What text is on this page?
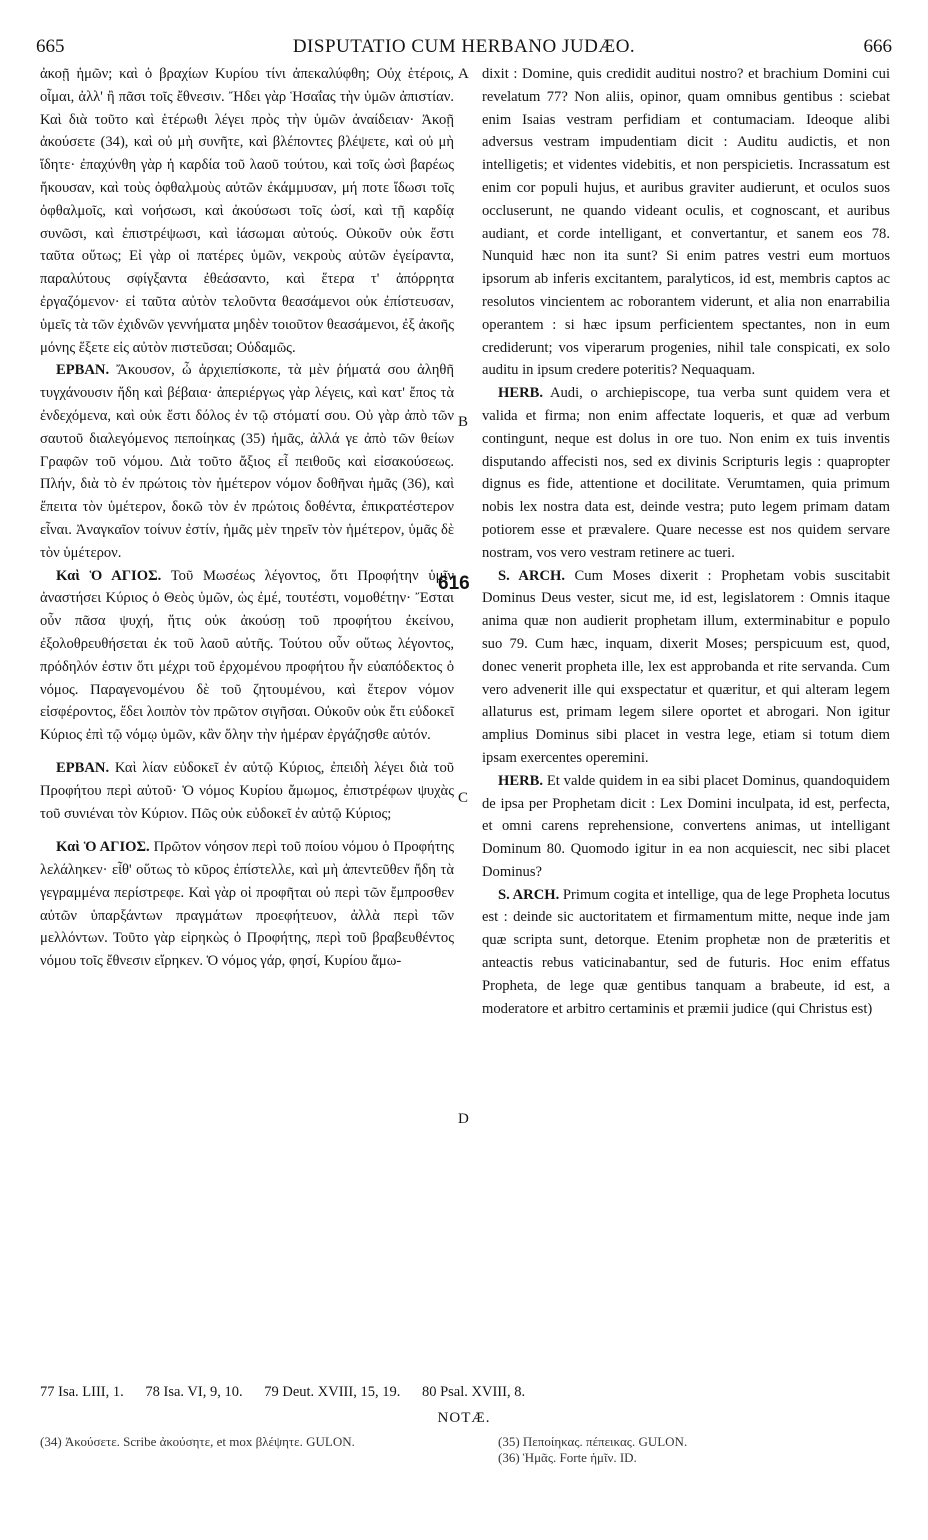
665	DISPUTATIO CUM HERBANO JUDÆO.	666
A
B
C
D
616

ἀκοῇ ἡμῶν; καὶ ὁ βραχίων Κυρίου τίνι ἀπεκαλύφθη; Οὐχ ἑτέροις, οἶμαι, ἀλλ' ἢ πᾶσι τοῖς ἔθνεσιν. Ἤδει γὰρ Ἡσαΐας τὴν ὑμῶν ἀπιστίαν. Καὶ διὰ τοῦτο καὶ ἑτέρωθι λέγει πρὸς τὴν ὑμῶν ἀναίδειαν· Ἀκοῇ ἀκούσετε (34), καὶ οὐ μὴ συνῆτε, καὶ βλέποντες βλέψετε, καὶ οὐ μὴ ἴδητε· ἐπαχύνθη γὰρ ἡ καρδία τοῦ λαοῦ τούτου, καὶ τοῖς ὠσὶ βαρέως ἤκουσαν, καὶ τοὺς ὀφθαλμοὺς αὐτῶν ἐκάμμυσαν, μή ποτε ἴδωσι τοῖς ὀφθαλμοῖς, καὶ νοήσωσι, καὶ ἀκούσωσι τοῖς ὠσί, καὶ τῇ καρδίᾳ συνῶσι, καὶ ἐπιστρέψωσι, καὶ ἰάσωμαι αὐτούς. Οὐκοῦν οὐκ ἔστι ταῦτα οὕτως; Εἰ γὰρ οἱ πατέρες ὑμῶν, νεκροὺς αὐτῶν ἐγείραντα, παραλύτους σφίγξαντα ἐθεάσαντο, καὶ ἕτερα τ' ἀπόρρητα ἐργαζόμενον· εἰ ταῦτα αὐτὸν τελοῦντα θεασάμενοι οὐκ ἐπίστευσαν, ὑμεῖς τὰ τῶν ἐχιδνῶν γεννήματα μηδὲν τοιοῦτον θεασάμενοι, ἐξ ἀκοῆς μόνης ἕξετε εἰς αὐτὸν πιστεῦσαι; Οὐδαμῶς.

ΕΡΒΑΝ. Ἄκουσον, ὦ ἀρχιεπίσκοπε, τὰ μὲν ῥήματά σου ἀληθῆ τυγχάνουσιν ἤδη καὶ βέβαια· ἀπεριέργως γὰρ λέγεις, καὶ κατ' ἔπος τὰ ἐνδεχόμενα, καὶ οὐκ ἔστι δόλος ἐν τῷ στόματί σου. Οὐ γὰρ ἀπὸ τῶν σαυτοῦ διαλεγόμενος πεποίηκας (35) ἡμᾶς, ἀλλά γε ἀπὸ τῶν θείων Γραφῶν τοῦ νόμου. Διὰ τοῦτο ἄξιος εἶ πειθοῦς καὶ εἰσακούσεως. Πλήν, διὰ τὸ ἐν πρώτοις τὸν ἡμέτερον νόμον δοθῆναι ἡμᾶς (36), καὶ ἔπειτα τὸν ὑμέτερον, δοκῶ τὸν ἐν πρώτοις δοθέντα, ἐπικρατέστερον εἶναι. Ἀναγκαῖον τοίνυν ἐστίν, ἡμᾶς μὲν τηρεῖν τὸν ἡμέτερον, ὑμᾶς δὲ τὸν ὑμέτερον.

Καὶ Ὁ ΑΓΙΟΣ. Τοῦ Μωσέως λέγοντος, ὅτι Προφήτην ὑμῖν ἀναστήσει Κύριος ὁ Θεὸς ὑμῶν, ὡς ἐμέ, τουτέστι, νομοθέτην· Ἔσται οὖν πᾶσα ψυχή, ἥτις οὐκ ἀκούσῃ τοῦ προφήτου ἐκείνου, ἐξολοθρευθήσεται ἐκ τοῦ λαοῦ αὐτῆς. Τούτου οὖν οὕτως λέγοντος, πρόδηλόν ἐστιν ὅτι μέχρι τοῦ ἐρχομένου προφήτου ἦν εὐαπόδεκτος ὁ νόμος. Παραγενομένου δὲ τοῦ ζητουμένου, καὶ ἕτερον νόμον εἰσφέροντος, ἔδει λοιπὸν τὸν πρῶτον σιγῆσαι. Οὐκοῦν οὐκ ἔτι εὐδοκεῖ Κύριος ἐπὶ τῷ νόμῳ ὑμῶν, κἂν ὅλην τὴν ἡμέραν ἐργάζησθε αὐτόν.

ΕΡΒΑΝ. Καὶ λίαν εὐδοκεῖ ἐν αὐτῷ Κύριος, ἐπειδὴ λέγει διὰ τοῦ Προφήτου περὶ αὐτοῦ· Ὁ νόμος Κυρίου ἄμωμος, ἐπιστρέφων ψυχὰς τοῦ συνιέναι τὸν Κύριον. Πῶς οὐκ εὐδοκεῖ ἐν αὐτῷ Κύριος;

Καὶ Ὁ ΑΓΙΟΣ. Πρῶτον νόησον περὶ τοῦ ποίου νόμου ὁ Προφήτης λελάληκεν· εἶθ' οὕτως τὸ κῦρος ἐπίστελλε, καὶ μὴ ἀπεντεῦθεν ἤδη τὰ γεγραμμένα περίστρεφε. Καὶ γὰρ οἱ προφῆται οὐ περὶ τῶν ἔμπροσθεν αὐτῶν ὑπαρξάντων πραγμάτων προεφήτευον, ἀλλὰ περὶ τῶν μελλόντων. Τοῦτο γὰρ εἰρηκὼς ὁ Προφήτης, περὶ τοῦ βραβευθέντος νόμου τοῖς ἔθνεσιν εἴρηκεν. Ὁ νόμος γάρ, φησί, Κυρίου ἄμω-

dixit : Domine, quis credidit auditui nostro? et brachium Domini cui revelatum 77? Non aliis, opinor, quam omnibus gentibus : sciebat enim Isaias vestram perfidiam et contumaciam. Ideoque alibi adversus vestram impudentiam dicit : Auditu audictis, et non intelligetis; et videntes videbitis, et non perspicietis. Incrassatum est enim cor populi hujus, et auribus graviter audierunt, et oculos suos occluserunt, ne quando videant oculis, et cognoscant, et auribus audiant, et corde intelligant, et convertantur, et sanem eos 78. Nunquid hæc non ita sunt? Si enim patres vestri eum mortuos ipsorum ab inferis excitantem, paralyticos, id est, membris captos ac resolutos vincientem ac roborantem viderunt, et alia non enarrabilia operantem : si hæc ipsum perficientem spectantes, non in eum crediderunt; vos viperarum progenies, nihil tale conspicati, ex solo auditu in ipsum credere poteritis? Nequaquam.

HERB. Audi, o archiepiscope, tua verba sunt quidem vera et valida et firma; non enim affectate loqueris, et quæ ad verbum contingunt, neque est dolus in ore tuo. Non enim ex tuis inventis disputando affecisti nos, sed ex divinis Scripturis legis : quapropter dignus es fide, attentione et docilitate. Verumtamen, quia primum nobis lex nostra data est, deinde vestra; puto legem primam datam potiorem esse et prævalere. Quare necesse est nos quidem servare nostram, vos vero vestram retinere ac tueri.

S. ARCH. Cum Moses dixerit : Prophetam vobis suscitabit Dominus Deus vester, sicut me, id est, legislatorem : Omnis itaque anima quæ non audierit prophetam illum, exterminabitur e populo suo 79. Cum hæc, inquam, dixerit Moses; perspicuum est, quod, donec venerit propheta ille, lex est approbanda et rite servanda. Cum vero advenerit ille qui exspectatur et quæritur, et qui alteram legem allaturus est, primam legem silere oportet et abrogari. Non igitur amplius Dominus sibi placet in vestra lege, etiam si totum diem ipsam exercentes operemini.

HERB. Et valde quidem in ea sibi placet Dominus, quandoquidem de ipsa per Prophetam dicit : Lex Domini inculpata, id est, perfecta, et omni carens reprehensione, convertens animas, ut intelligant Dominum 80. Quomodo igitur in ea non acquiescit, nec sibi placet Dominus?

S. ARCH. Primum cogita et intellige, qua de lege Propheta locutus est : deinde sic auctoritatem et firmamentum mitte, neque inde jam quæ scripta sunt, detorque. Etenim prophetæ non de præteritis et anteactis rebus vaticinabantur, sed de futuris. Hoc enim effatus Propheta, de lege quæ gentibus tanquam a brabeute, id est, a moderatore et arbitro certaminis et præmii judice (qui Christus est)

77 Isa. LIII, 1. 78 Isa. VI, 9, 10. 79 Deut. XVIII, 15, 19. 80 Psal. XVIII, 8.
NOTÆ.
(34) Ἀκούσετε. Scribe ἀκούσητε, et mox βλέψητε. GULON.	(35) Πεποίηκας. πέπεικας. GULON.
(36) Ἡμᾶς. Forte ἡμῖν. ID.
